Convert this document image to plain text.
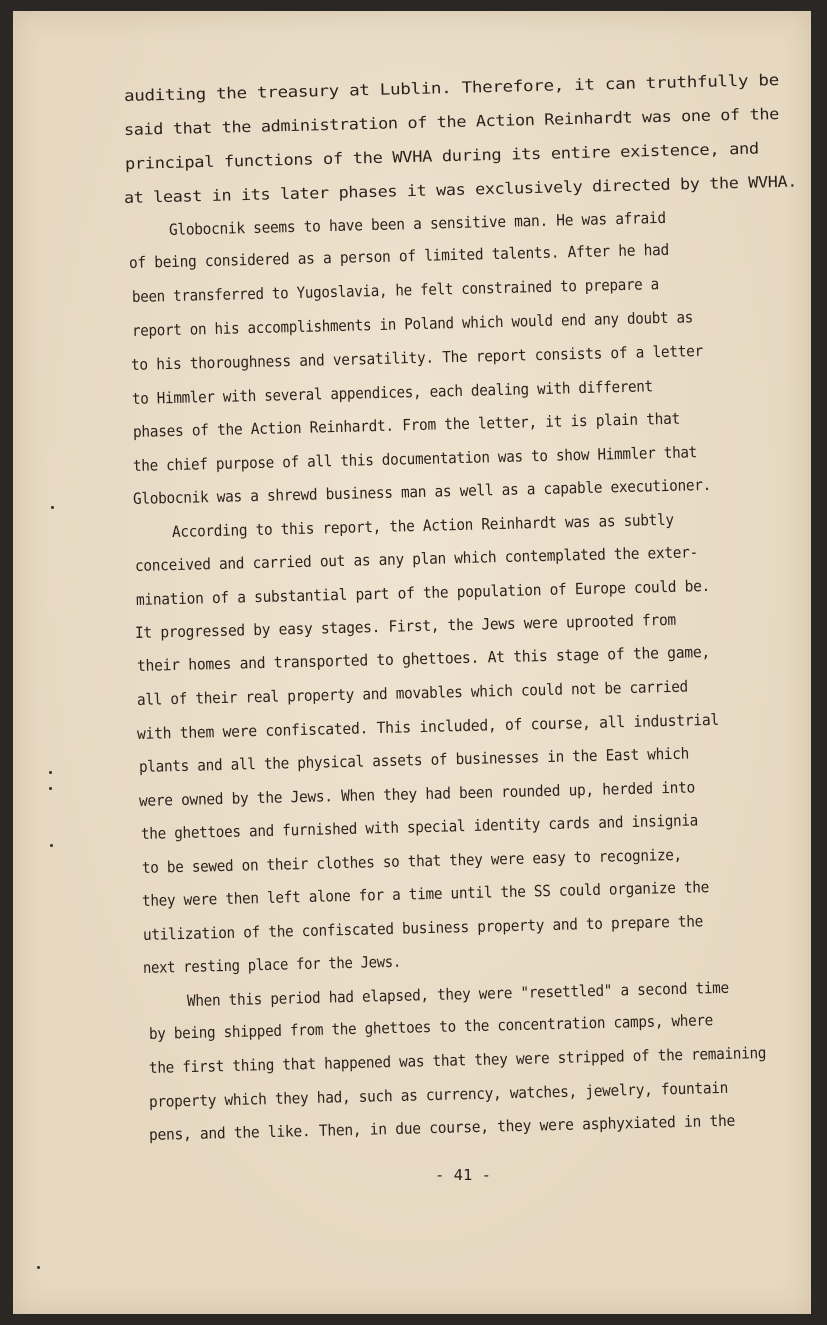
auditing the treasury at Lublin. Therefore, it can truthfully be
said that the administration of the Action Reinhardt was one of the
principal functions of the WVHA during its entire existence, and
at least in its later phases it was exclusively directed by the WVHA.
Globocnik seems to have been a sensitive man. He was afraid
of being considered as a person of limited talents. After he had
been transferred to Yugoslavia, he felt constrained to prepare a
report on his accomplishments in Poland which would end any doubt as
to his thoroughness and versatility. The report consists of a letter
to Himmler with several appendices, each dealing with different
phases of the Action Reinhardt. From the letter, it is plain that
the chief purpose of all this documentation was to show Himmler that
Globocnik was a shrewd business man as well as a capable executioner.
According to this report, the Action Reinhardt was as subtly
conceived and carried out as any plan which contemplated the exter-
mination of a substantial part of the population of Europe could be.
It progressed by easy stages. First, the Jews were uprooted from
their homes and transported to ghettoes. At this stage of the game,
all of their real property and movables which could not be carried
with them were confiscated. This included, of course, all industrial
plants and all the physical assets of businesses in the East which
were owned by the Jews. When they had been rounded up, herded into
the ghettoes and furnished with special identity cards and insignia
to be sewed on their clothes so that they were easy to recognize,
they were then left alone for a time until the SS could organize the
utilization of the confiscated business property and to prepare the
next resting place for the Jews.
When this period had elapsed, they were "resettled" a second time
by being shipped from the ghettoes to the concentration camps, where
the first thing that happened was that they were stripped of the remaining
property which they had, such as currency, watches, jewelry, fountain
pens, and the like. Then, in due course, they were asphyxiated in the
- 41 -
